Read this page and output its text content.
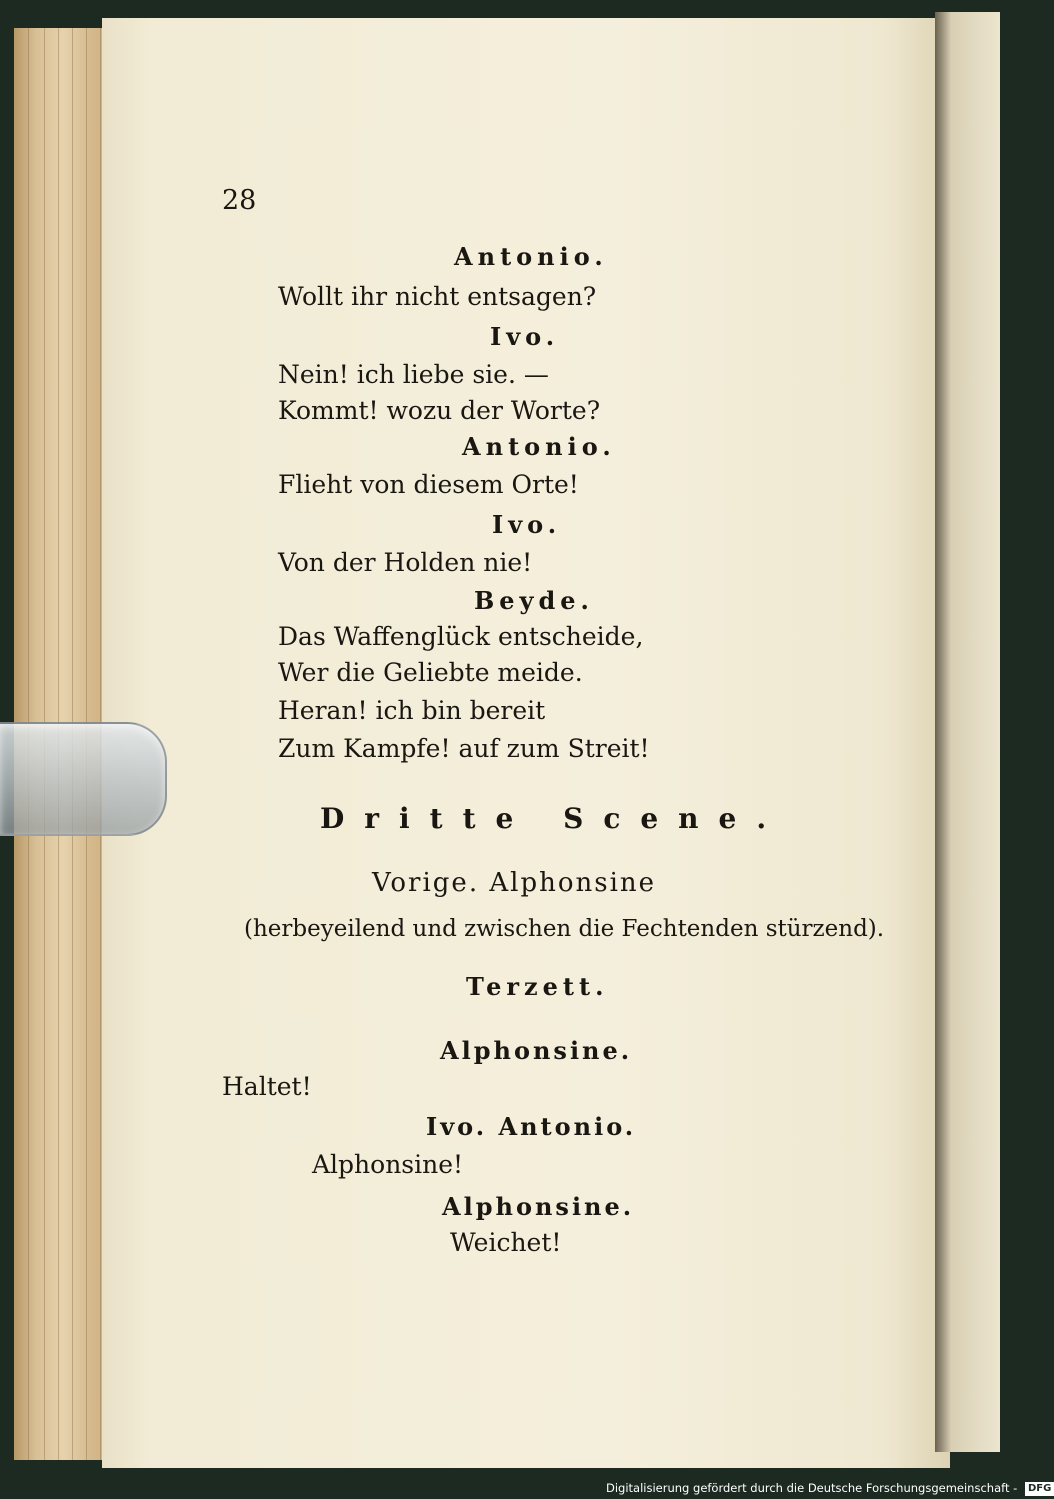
28
Antonio.
Wollt ihr nicht entsagen?
Ivo.
Nein! ich liebe sie. —
Kommt! wozu der Worte?
Antonio.
Flieht von diesem Orte!
Ivo.
Von der Holden nie!
Beyde.
Das Waffenglück entscheide,
Wer die Geliebte meide.
Heran! ich bin bereit
Zum Kampfe! auf zum Streit!
Dritte Scene.
Vorige. Alphonsine
(herbeyeilend und zwischen die Fechtenden stürzend).
Terzett.
Alphonsine.
Haltet!
Ivo. Antonio.
Alphonsine!
Alphonsine.
Weichet!
Digitalisierung gefördert durch die Deutsche Forschungsgemeinschaft - DFG
